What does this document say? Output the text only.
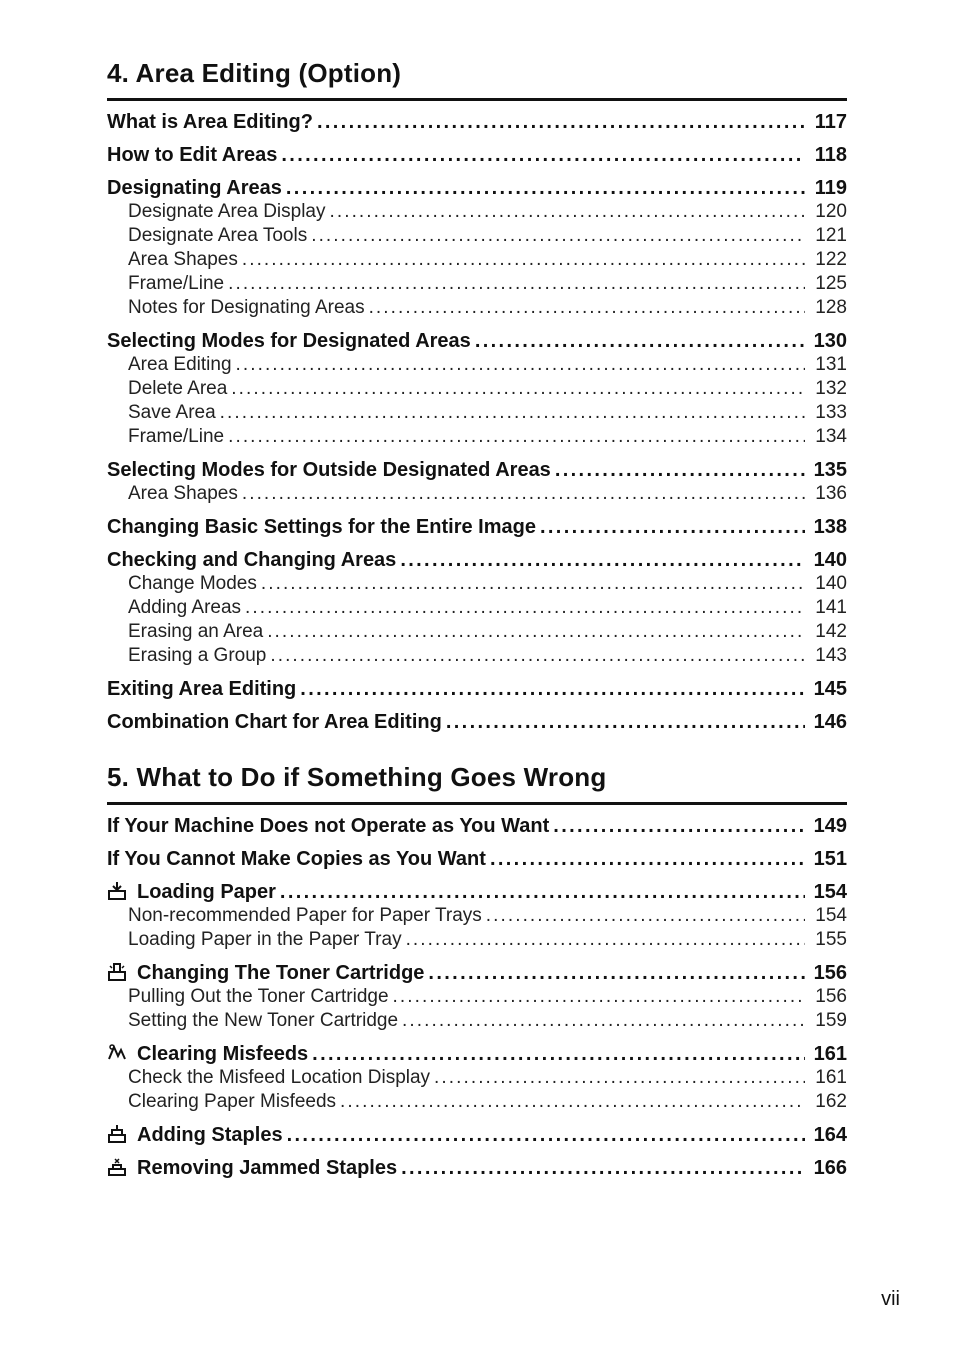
4. Area Editing (Option)
What is Area Editing? . . .	117
How to Edit Areas . . .	118
Designating Areas . . .	119
Designate Area Display . . .	120
Designate Area Tools . . .	121
Area Shapes . . .	122
Frame/Line . . .	125
Notes for Designating Areas . . .	128
Selecting Modes for Designated Areas . . .	130
Area Editing . . .	131
Delete Area . . .	132
Save Area . . .	133
Frame/Line . . .	134
Selecting Modes for Outside Designated Areas . . .	135
Area Shapes . . .	136
Changing Basic Settings for the Entire Image . . .	138
Checking and Changing Areas . . .	140
Change Modes . . .	140
Adding Areas . . .	141
Erasing an Area . . .	142
Erasing a Group . . .	143
Exiting Area Editing . . .	145
Combination Chart for Area Editing . . .	146
5. What to Do if Something Goes Wrong
If Your Machine Does not Operate as You Want . . .	149
If You Cannot Make Copies as You Want . . .	151
Loading Paper . . .	154
Non-recommended Paper for Paper Trays . . .	154
Loading Paper in the Paper Tray . . .	155
Changing The Toner Cartridge . . .	156
Pulling Out the Toner Cartridge . . .	156
Setting the New Toner Cartridge . . .	159
Clearing Misfeeds . . .	161
Check the Misfeed Location Display . . .	161
Clearing Paper Misfeeds . . .	162
Adding Staples . . .	164
Removing Jammed Staples . . .	166
vii
